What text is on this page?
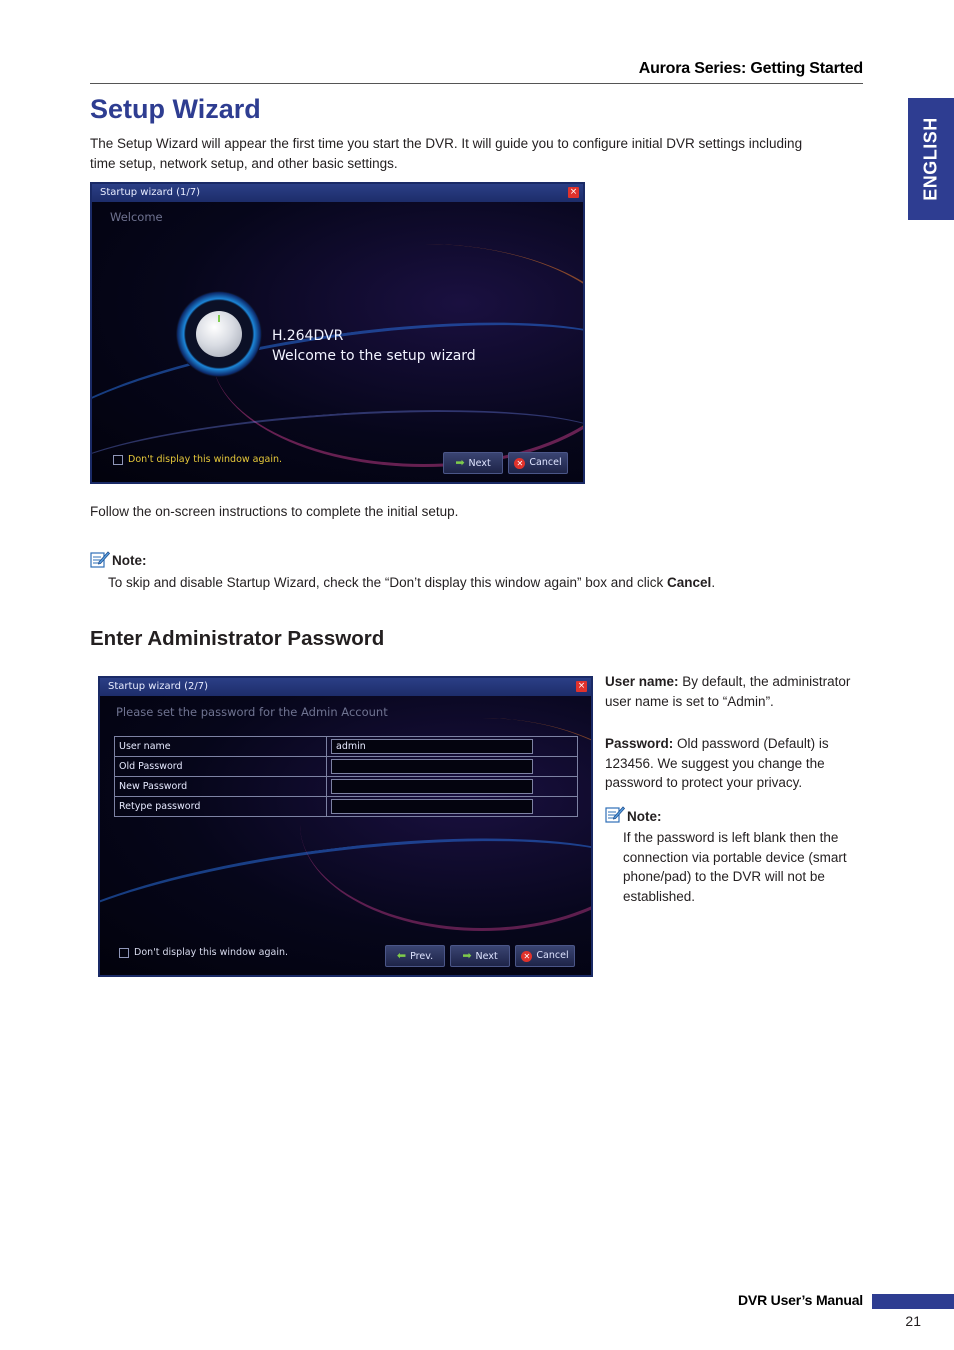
Aurora Series: Getting Started
ENGLISH
Setup Wizard
The Setup Wizard will appear the first time you start the DVR. It will guide you to configure initial DVR settings including time setup, network setup, and other basic settings.
Startup wizard (1/7)	×
Welcome
H.264DVR
Welcome to the setup wizard
Don't display this window again.	➡ Next	✕ Cancel
Follow the on-screen instructions to complete the initial setup.
Note:
To skip and disable Startup Wizard, check the “Don’t display this window again” box and click Cancel.
Enter Administrator Password
Startup wizard (2/7)	×
Please set the password for the Admin Account
User name	admin
Old Password
New Password
Retype password
Don't display this window again.	⬅ Prev.	➡ Next	✕ Cancel
User name: By default, the administrator user name is set to “Admin”.
Password: Old password (Default) is 123456. We suggest you change the password to protect your privacy.
Note:
If the password is left blank then the connection via portable device (smart phone/pad) to the DVR will not be established.
DVR User’s Manual
21
